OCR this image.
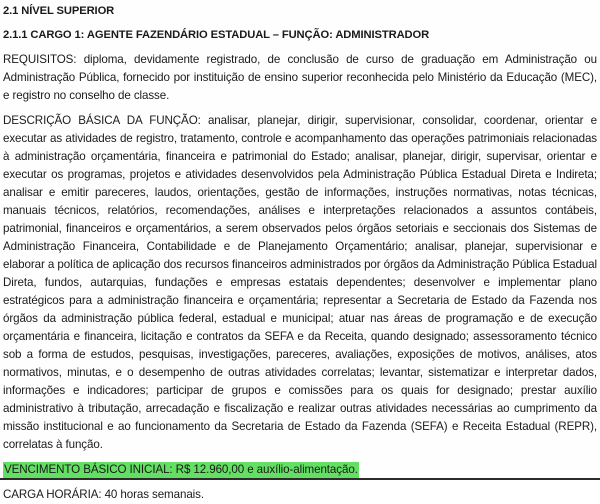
2.1 NÍVEL SUPERIOR
2.1.1 CARGO 1: AGENTE FAZENDÁRIO ESTADUAL – FUNÇÃO: ADMINISTRADOR

REQUISITOS: diploma, devidamente registrado, de conclusão de curso de graduação em Administração ou Administração Pública, fornecido por instituição de ensino superior reconhecida pelo Ministério da Educação (MEC), e registro no conselho de classe.

DESCRIÇÃO BÁSICA DA FUNÇÃO: analisar, planejar, dirigir, supervisionar, consolidar, coordenar, orientar e executar as atividades de registro, tratamento, controle e acompanhamento das operações patrimoniais relacionadas à administração orçamentária, financeira e patrimonial do Estado; analisar, planejar, dirigir, supervisar, orientar e executar os programas, projetos e atividades desenvolvidos pela Administração Pública Estadual Direta e Indireta; analisar e emitir pareceres, laudos, orientações, gestão de informações, instruções normativas, notas técnicas, manuais técnicos, relatórios, recomendações, análises e interpretações relacionados a assuntos contábeis, patrimonial, financeiros e orçamentários, a serem observados pelos órgãos setoriais e seccionais dos Sistemas de Administração Financeira, Contabilidade e de Planejamento Orçamentário; analisar, planejar, supervisionar e elaborar a política de aplicação dos recursos financeiros administrados por órgãos da Administração Pública Estadual Direta, fundos, autarquias, fundações e empresas estatais dependentes; desenvolver e implementar plano estratégicos para a administração financeira e orçamentária; representar a Secretaria de Estado da Fazenda nos órgãos da administração pública federal, estadual e municipal; atuar nas áreas de programação e de execução orçamentária e financeira, licitação e contratos da SEFA e da Receita, quando designado; assessoramento técnico sob a forma de estudos, pesquisas, investigações, pareceres, avaliações, exposições de motivos, análises, atos normativos, minutas, e o desempenho de outras atividades correlatas; levantar, sistematizar e interpretar dados, informações e indicadores; participar de grupos e comissões para os quais for designado; prestar auxílio administrativo à tributação, arrecadação e fiscalização e realizar outras atividades necessárias ao cumprimento da missão institucional e ao funcionamento da Secretaria de Estado da Fazenda (SEFA) e Receita Estadual (REPR), correlatas à função.

VENCIMENTO BÁSICO INICIAL: R$ 12.960,00 e auxílio-alimentação.

CARGA HORÁRIA: 40 horas semanais.
